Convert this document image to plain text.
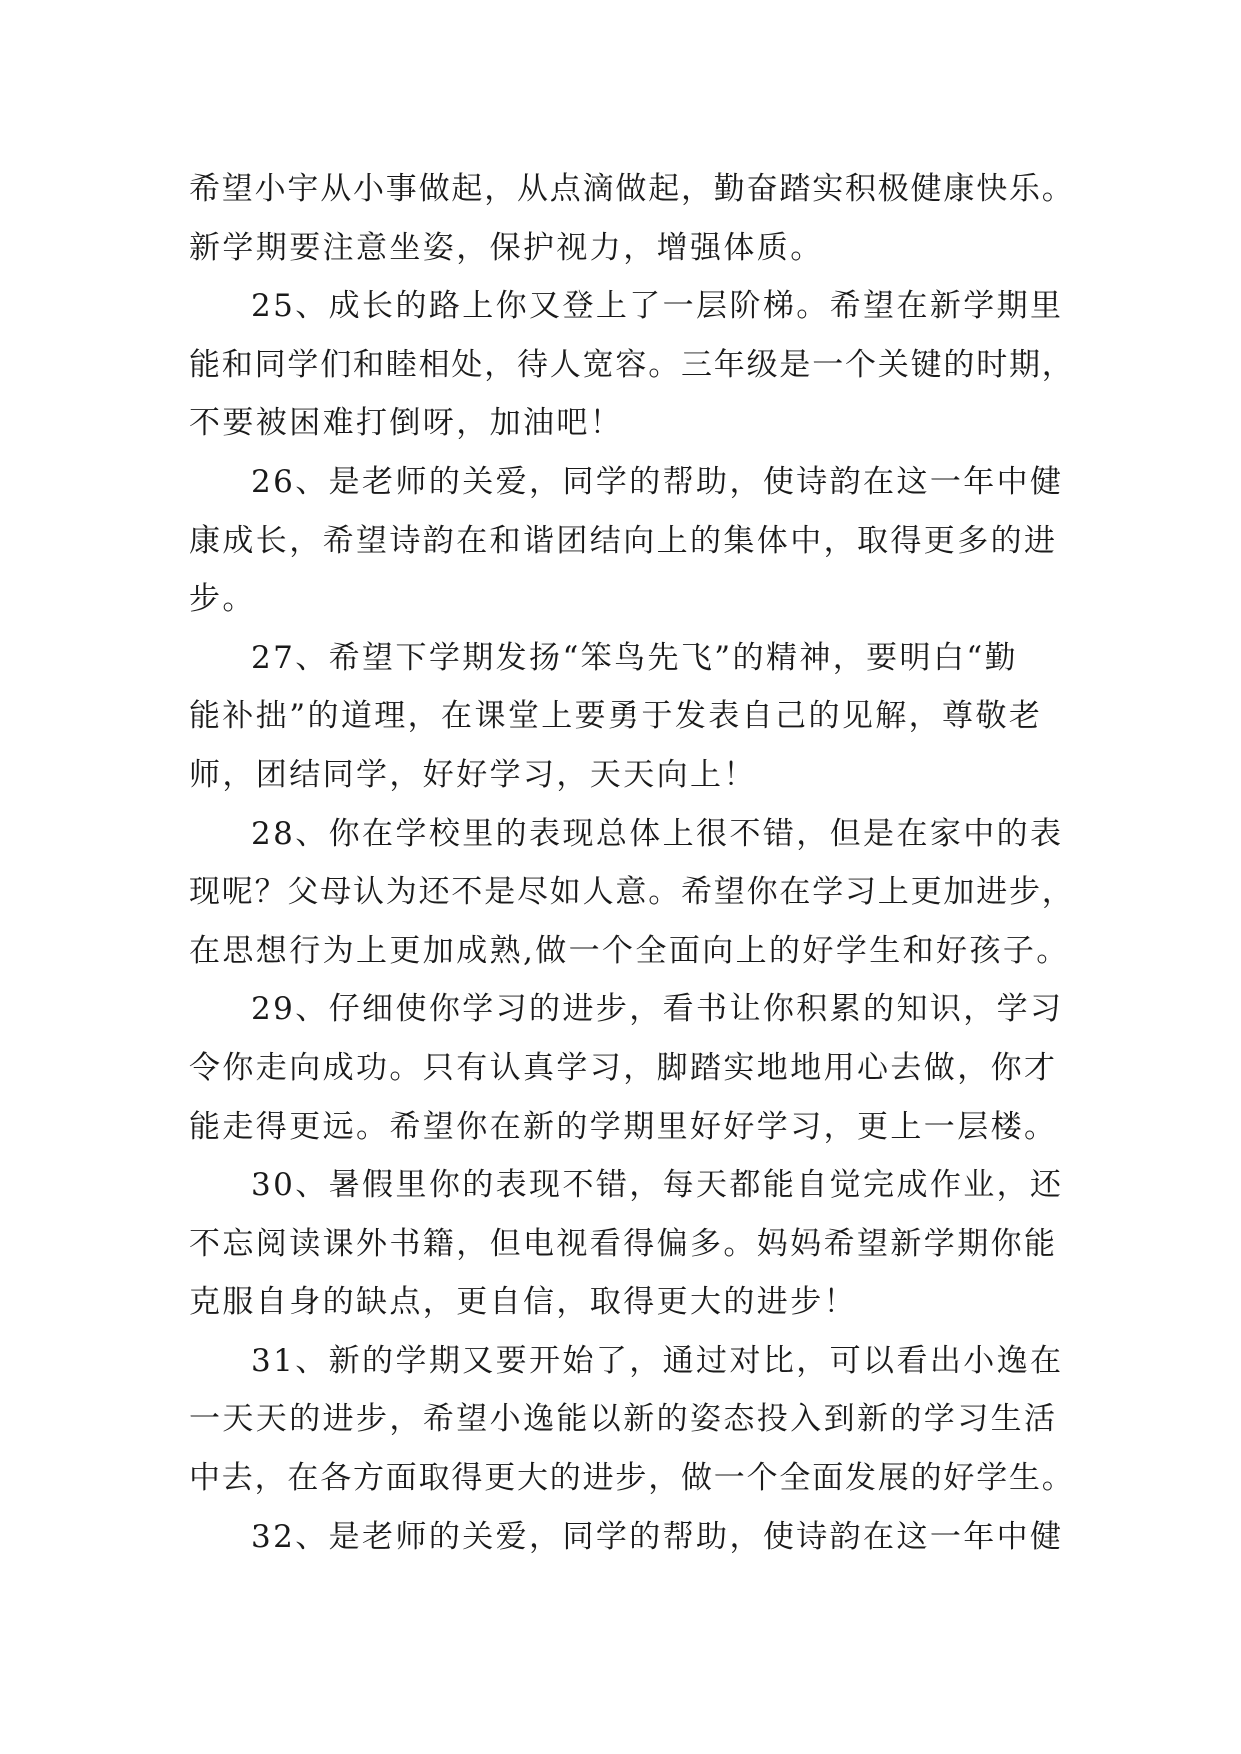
希望小宇从小事做起，从点滴做起，勤奋踏实积极健康快乐。
新学期要注意坐姿，保护视力，增强体质。
25、成长的路上你又登上了一层阶梯。希望在新学期里
能和同学们和睦相处，待人宽容。三年级是一个关键的时期，
不要被困难打倒呀，加油吧！
26、是老师的关爱，同学的帮助，使诗韵在这一年中健
康成长，希望诗韵在和谐团结向上的集体中，取得更多的进
步。
27、希望下学期发扬“笨鸟先飞”的精神，要明白“勤
能补拙”的道理，在课堂上要勇于发表自己的见解，尊敬老
师，团结同学，好好学习，天天向上！
28、你在学校里的表现总体上很不错，但是在家中的表
现呢？父母认为还不是尽如人意。希望你在学习上更加进步，
在思想行为上更加成熟,做一个全面向上的好学生和好孩子。
29、仔细使你学习的进步，看书让你积累的知识，学习
令你走向成功。只有认真学习，脚踏实地地用心去做，你才
能走得更远。希望你在新的学期里好好学习，更上一层楼。
30、暑假里你的表现不错，每天都能自觉完成作业，还
不忘阅读课外书籍，但电视看得偏多。妈妈希望新学期你能
克服自身的缺点，更自信，取得更大的进步！
31、新的学期又要开始了，通过对比，可以看出小逸在
一天天的进步，希望小逸能以新的姿态投入到新的学习生活
中去，在各方面取得更大的进步，做一个全面发展的好学生。
32、是老师的关爱，同学的帮助，使诗韵在这一年中健
